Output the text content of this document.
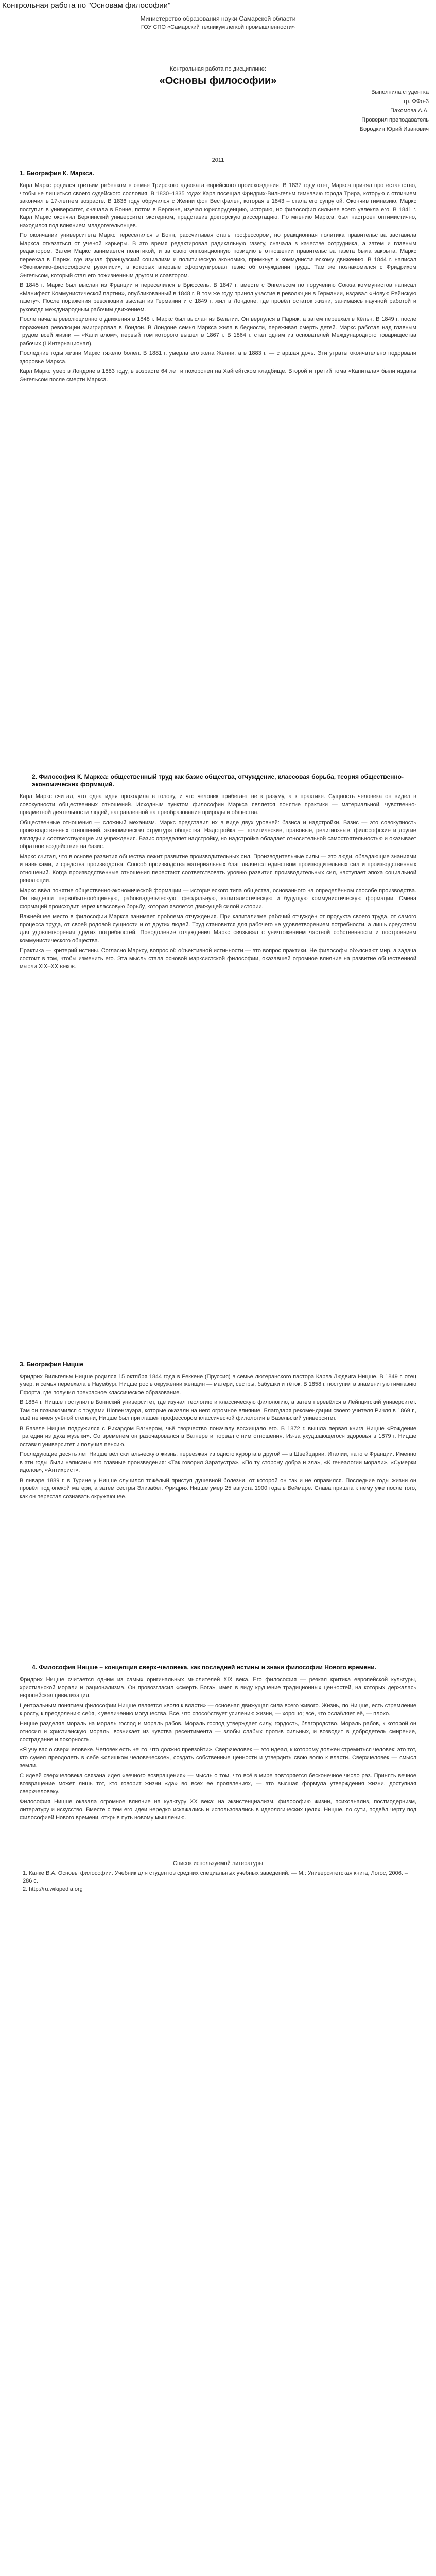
Контрольная работа по "Основам философии"
Министерство образования науки Самарской области
ГОУ СПО «Самарский техникум легкой промышленности»
Контрольная работа по дисциплине:
«Основы философии»
Выполнила студентка
гр. ФФо-3
Пахомова А.А.
Проверил преподаватель
Бородкин Юрий Иванович
2011
1. Биография К. Маркса.

Карл Маркс родился третьим ребенком в семье Трирского адвоката еврейского происхождения. В 1837 году отец Маркса принял протестантство, чтобы не лишиться своего судейского сословия. В 1830–1835 годах Карл посещал Фридрих-Вильгельм гимназию города Трира, которую с отличием закончил в 17-летнем возрасте. В 1836 году обручился с Женни фон Вестфален, которая в 1843 – стала его супругой. Окончив гимназию, Маркс поступил в университет, сначала в Бонне, потом в Берлине, изучал юриспруденцию, историю, но философия сильнее всего увлекла его. В 1841 г. Карл Маркс окончил Берлинский университет экстерном, представив докторскую диссертацию. По мнению Маркса, был настроен оптимистично, находился под влиянием младогегельянцев.

По окончании университета Маркс переселился в Бонн, рассчитывая стать профессором, но реакционная политика правительства заставила Маркса отказаться от ученой карьеры. В это время редактировал радикальную газету, сначала в качестве сотрудника, а затем и главным редактором. Затем Маркс занимается политикой, и за свою оппозиционную позицию в отношении правительства газета была закрыта. Маркс переехал в Париж, где изучал французский социализм и политическую экономию, примкнул к коммунистическому движению. В 1844 г. написал «Экономико-философские рукописи», в которых впервые сформулировал тезис об отчуждении труда. Там же познакомился с Фридрихом Энгельсом, который стал его пожизненным другом и соавтором.

В 1845 г. Маркс был выслан из Франции и переселился в Брюссель. В 1847 г. вместе с Энгельсом по поручению Союза коммунистов написал «Манифест Коммунистической партии», опубликованный в 1848 г. В том же году принял участие в революции в Германии, издавал «Новую Рейнскую газету». После поражения революции выслан из Германии и с 1849 г. жил в Лондоне, где провёл остаток жизни, занимаясь научной работой и руководя международным рабочим движением.

После начала революционного движения в 1848 г. Маркс был выслан из Бельгии. Он вернулся в Париж, а затем переехал в Кёльн. В 1849 г. после поражения революции эмигрировал в Лондон. В Лондоне семья Маркса жила в бедности, переживая смерть детей. Маркс работал над главным трудом всей жизни — «Капиталом», первый том которого вышел в 1867 г. В 1864 г. стал одним из основателей Международного товарищества рабочих (I Интернационал).

Последние годы жизни Маркс тяжело болел. В 1881 г. умерла его жена Женни, а в 1883 г. — старшая дочь. Эти утраты окончательно подорвали здоровье Маркса.

Карл Маркс умер в Лондоне в 1883 году, в возрасте 64 лет и похоронен на Хайгейтском кладбище. Второй и третий тома «Капитала» были изданы Энгельсом после смерти Маркса.

2. Философия К. Маркса: общественный труд как базис общества, отчуждение, классовая борьба, теория общественно-экономических формаций.

Карл Маркс считал, что одна идея проходила в голову, и что человек прибегает не к разуму, а к практике. Сущность человека он видел в совокупности общественных отношений. Исходным пунктом философии Маркса является понятие практики — материальной, чувственно-предметной деятельности людей, направленной на преобразование природы и общества.

Общественные отношения — сложный механизм. Маркс представил их в виде двух уровней: базиса и надстройки. Базис — это совокупность производственных отношений, экономическая структура общества. Надстройка — политические, правовые, религиозные, философские и другие взгляды и соответствующие им учреждения. Базис определяет надстройку, но надстройка обладает относительной самостоятельностью и оказывает обратное воздействие на базис.

Маркс считал, что в основе развития общества лежит развитие производительных сил. Производительные силы — это люди, обладающие знаниями и навыками, и средства производства. Способ производства материальных благ является единством производительных сил и производственных отношений. Когда производственные отношения перестают соответствовать уровню развития производительных сил, наступает эпоха социальной революции.

Маркс ввёл понятие общественно-экономической формации — исторического типа общества, основанного на определённом способе производства. Он выделял первобытнообщинную, рабовладельческую, феодальную, капиталистическую и будущую коммунистическую формации. Смена формаций происходит через классовую борьбу, которая является движущей силой истории.

Важнейшее место в философии Маркса занимает проблема отчуждения. При капитализме рабочий отчуждён от продукта своего труда, от самого процесса труда, от своей родовой сущности и от других людей. Труд становится для рабочего не удовлетворением потребности, а лишь средством для удовлетворения других потребностей. Преодоление отчуждения Маркс связывал с уничтожением частной собственности и построением коммунистического общества.

Практика — критерий истины. Согласно Марксу, вопрос об объективной истинности — это вопрос практики. Не философы объясняют мир, а задача состоит в том, чтобы изменить его. Эта мысль стала основой марксистской философии, оказавшей огромное влияние на развитие общественной мысли XIX–XX веков.

3. Биография Ницше

Фридрих Вильгельм Ницше родился 15 октября 1844 года в Реккене (Пруссия) в семье лютеранского пастора Карла Людвига Ницше. В 1849 г. отец умер, и семья переехала в Наумбург. Ницше рос в окружении женщин — матери, сестры, бабушки и тёток. В 1858 г. поступил в знаменитую гимназию Пфорта, где получил прекрасное классическое образование.

В 1864 г. Ницше поступил в Боннский университет, где изучал теологию и классическую филологию, а затем перевёлся в Лейпцигский университет. Там он познакомился с трудами Шопенгауэра, которые оказали на него огромное влияние. Благодаря рекомендации своего учителя Ричля в 1869 г., ещё не имея учёной степени, Ницше был приглашён профессором классической филологии в Базельский университет.

В Базеле Ницше подружился с Рихардом Вагнером, чьё творчество поначалу восхищало его. В 1872 г. вышла первая книга Ницше «Рождение трагедии из духа музыки». Со временем он разочаровался в Вагнере и порвал с ним отношения. Из-за ухудшающегося здоровья в 1879 г. Ницше оставил университет и получил пенсию.

Последующие десять лет Ницше вёл скитальческую жизнь, переезжая из одного курорта в другой — в Швейцарии, Италии, на юге Франции. Именно в эти годы были написаны его главные произведения: «Так говорил Заратустра», «По ту сторону добра и зла», «К генеалогии морали», «Сумерки идолов», «Антихрист».

В январе 1889 г. в Турине у Ницше случился тяжёлый приступ душевной болезни, от которой он так и не оправился. Последние годы жизни он провёл под опекой матери, а затем сестры Элизабет. Фридрих Ницше умер 25 августа 1900 года в Веймаре. Слава пришла к нему уже после того, как он перестал сознавать окружающее.

4. Философия Ницше – концепция сверх-человека, как последней истины и знаки философии Нового времени.

Фридрих Ницше считается одним из самых оригинальных мыслителей XIX века. Его философия — резкая критика европейской культуры, христианской морали и рационализма. Он провозгласил «смерть Бога», имея в виду крушение традиционных ценностей, на которых держалась европейская цивилизация.

Центральным понятием философии Ницше является «воля к власти» — основная движущая сила всего живого. Жизнь, по Ницше, есть стремление к росту, к преодолению себя, к увеличению могущества. Всё, что способствует усилению жизни, — хорошо; всё, что ослабляет её, — плохо.

Ницше разделял мораль на мораль господ и мораль рабов. Мораль господ утверждает силу, гордость, благородство. Мораль рабов, к которой он относил и христианскую мораль, возникает из чувства ресентимента — злобы слабых против сильных, и возводит в добродетель смирение, сострадание и покорность.

«Я учу вас о сверхчеловеке. Человек есть нечто, что должно превзойти». Сверхчеловек — это идеал, к которому должен стремиться человек; это тот, кто сумел преодолеть в себе «слишком человеческое», создать собственные ценности и утвердить свою волю к власти. Сверхчеловек — смысл земли.

С идеей сверхчеловека связана идея «вечного возвращения» — мысль о том, что всё в мире повторяется бесконечное число раз. Принять вечное возвращение может лишь тот, кто говорит жизни «да» во всех её проявлениях, — это высшая формула утверждения жизни, доступная сверхчеловеку.

Философия Ницше оказала огромное влияние на культуру XX века: на экзистенциализм, философию жизни, психоанализ, постмодернизм, литературу и искусство. Вместе с тем его идеи нередко искажались и использовались в идеологических целях. Ницше, по сути, подвёл черту под философией Нового времени, открыв путь новому мышлению.

Список используемой литературы
1. Канке В.А. Основы философии. Учебник для студентов средних специальных учебных заведений. — М.: Университетская книга, Логос, 2006. – 286 с.
2. http://ru.wikipedia.org
